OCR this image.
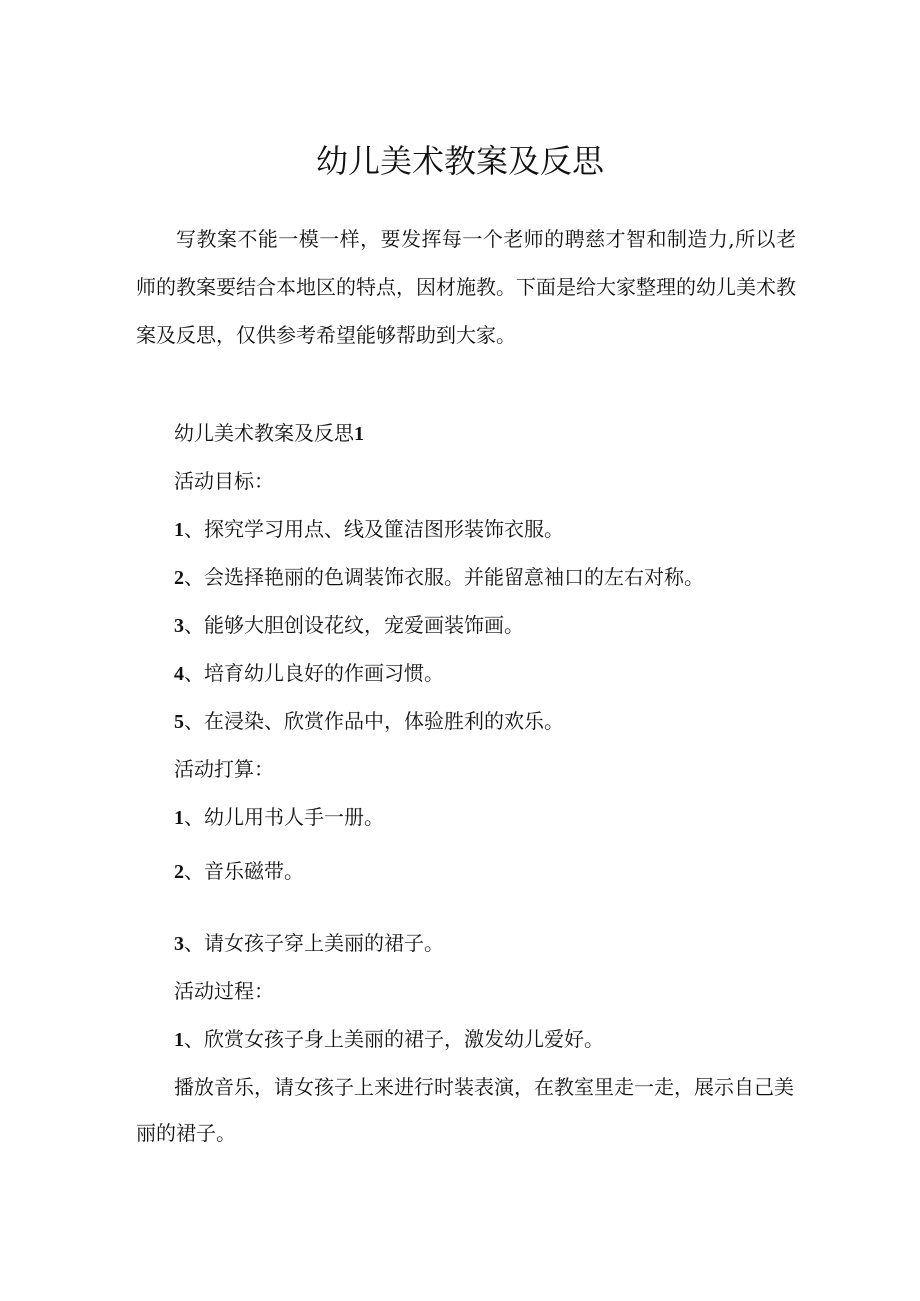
幼儿美术教案及反思

写教案不能一模一样，要发挥每一个老师的聘慈才智和制造力,所以老师的教案要结合本地区的特点，因材施教。下面是给大家整理的幼儿美术教案及反思，仅供参考希望能够帮助到大家。

幼儿美术教案及反思1

活动目标：

1、探究学习用点、线及篚洁图形装饰衣服。

2、会选择艳丽的色调装饰衣服。并能留意袖口的左右对称。

3、能够大胆创设花纹，宠爱画装饰画。

4、培育幼儿良好的作画习惯。

5、在浸染、欣赏作品中，体验胜利的欢乐。

活动打算：

1、幼儿用书人手一册。

2、音乐磁带。

3、请女孩子穿上美丽的裙子。

活动过程：

1、欣赏女孩子身上美丽的裙子，激发幼儿爱好。

播放音乐，请女孩子上来进行时装表演，在教室里走一走，展示自己美丽的裙子。
